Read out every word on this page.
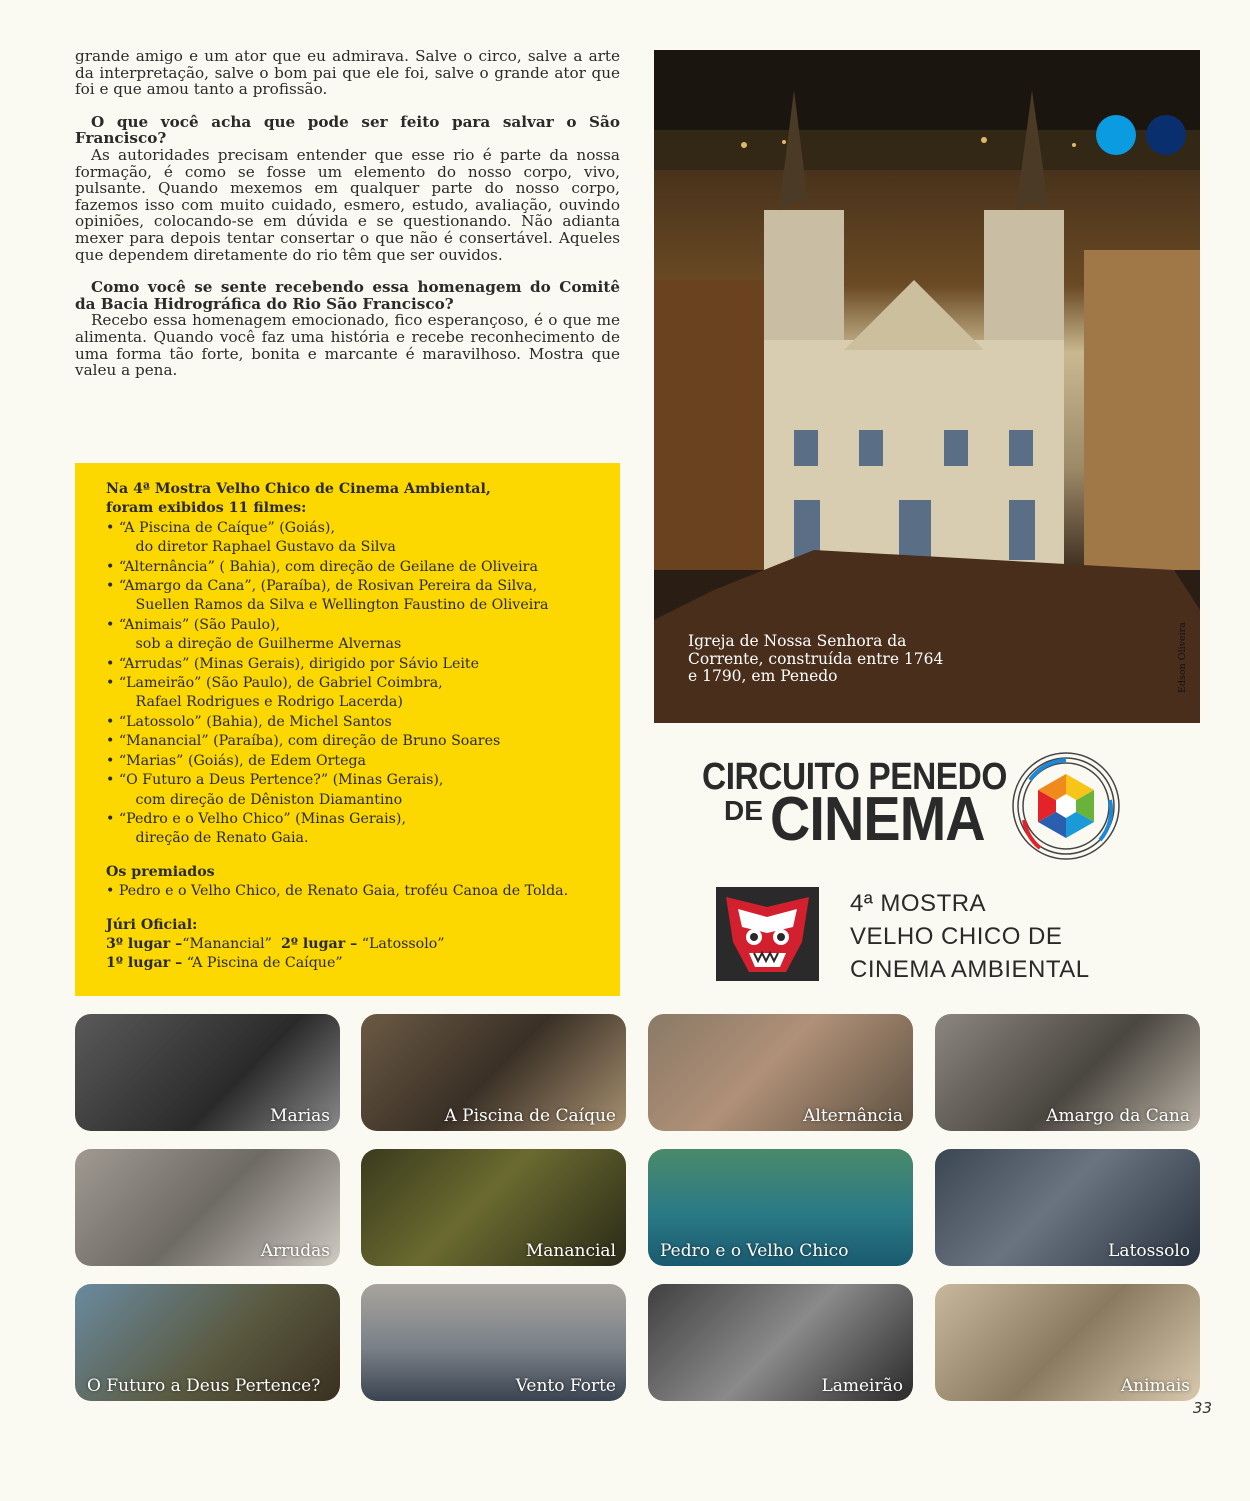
grande amigo e um ator que eu admirava. Salve o circo, salve a arte da interpretação, salve o bom pai que ele foi, salve o grande ator que foi e que amou tanto a profissão.

O que você acha que pode ser feito para salvar o São Francisco?

As autoridades precisam entender que esse rio é parte da nossa formação, é como se fosse um elemento do nosso corpo, vivo, pulsante. Quando mexemos em qualquer parte do nosso corpo, fazemos isso com muito cuidado, esmero, estudo, avaliação, ouvindo opiniões, colocando-se em dúvida e se questionando. Não adianta mexer para depois tentar consertar o que não é consertável. Aqueles que dependem diretamente do rio têm que ser ouvidos.

Como você se sente recebendo essa homenagem do Comitê da Bacia Hidrográfica do Rio São Francisco?

Recebo essa homenagem emocionado, fico esperançoso, é o que me alimenta. Quando você faz uma história e recebe reconhecimento de uma forma tão forte, bonita e marcante é maravilhoso. Mostra que valeu a pena.

Na 4ª Mostra Velho Chico de Cinema Ambiental,
foram exibidos 11 filmes:
• “A Piscina de Caíque” (Goiás),
do diretor Raphael Gustavo da Silva
• “Alternância” ( Bahia), com direção de Geilane de Oliveira
• “Amargo da Cana”, (Paraíba), de Rosivan Pereira da Silva,
Suellen Ramos da Silva e Wellington Faustino de Oliveira
• “Animais” (São Paulo),
sob a direção de Guilherme Alvernas
• “Arrudas” (Minas Gerais), dirigido por Sávio Leite
• “Lameirão” (São Paulo), de Gabriel Coimbra,
Rafael Rodrigues e Rodrigo Lacerda)
• “Latossolo” (Bahia), de Michel Santos
• “Manancial” (Paraíba), com direção de Bruno Soares
• “Marias” (Goiás), de Edem Ortega
• “O Futuro a Deus Pertence?” (Minas Gerais),
com direção de Dêniston Diamantino
• “Pedro e o Velho Chico” (Minas Gerais),
direção de Renato Gaia.
Os premiados
• Pedro e o Velho Chico, de Renato Gaia, troféu Canoa de Tolda.
Júri Oficial:
3º lugar –“Manancial” 2º lugar – “Latossolo”
1º lugar – “A Piscina de Caíque”
Igreja de Nossa Senhora da Corrente, construída entre 1764 e 1790, em Penedo	Edson Oliveira
CIRCUITO PENEDO
DE CINEMA
4ª MOSTRA
VELHO CHICO DE
CINEMA AMBIENTAL
Marias	A Piscina de Caíque	Alternância	Amargo da Cana
Arrudas	Manancial	Pedro e o Velho Chico	Latossolo
O Futuro a Deus Pertence?	Vento Forte	Lameirão	Animais
33
